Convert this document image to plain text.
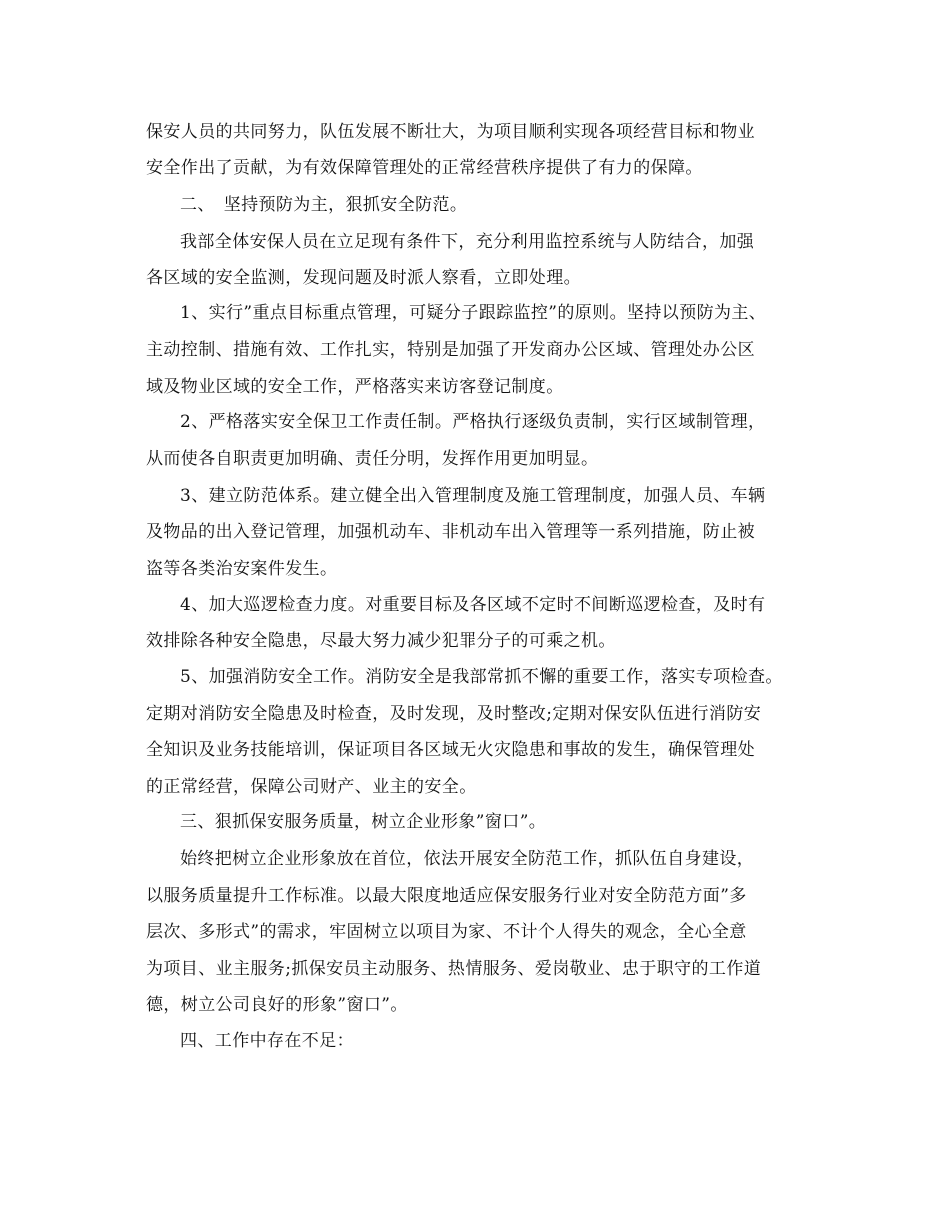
保安人员的共同努力，队伍发展不断壮大，为项目顺利实现各项经营目标和物业
安全作出了贡献，为有效保障管理处的正常经营秩序提供了有力的保障。
二、　坚持预防为主，狠抓安全防范。
我部全体安保人员在立足现有条件下，充分利用监控系统与人防结合，加强
各区域的安全监测，发现问题及时派人察看，立即处理。
1、实行”重点目标重点管理，可疑分子跟踪监控”的原则。坚持以预防为主、
主动控制、措施有效、工作扎实，特别是加强了开发商办公区域、管理处办公区
域及物业区域的安全工作，严格落实来访客登记制度。
2、严格落实安全保卫工作责任制。严格执行逐级负责制，实行区域制管理，
从而使各自职责更加明确、责任分明，发挥作用更加明显。
3、建立防范体系。建立健全出入管理制度及施工管理制度，加强人员、车辆
及物品的出入登记管理，加强机动车、非机动车出入管理等一系列措施，防止被
盗等各类治安案件发生。
4、加大巡逻检查力度。对重要目标及各区域不定时不间断巡逻检查，及时有
效排除各种安全隐患，尽最大努力减少犯罪分子的可乘之机。
5、加强消防安全工作。消防安全是我部常抓不懈的重要工作，落实专项检查。
定期对消防安全隐患及时检查，及时发现，及时整改;定期对保安队伍进行消防安
全知识及业务技能培训，保证项目各区域无火灾隐患和事故的发生，确保管理处
的正常经营，保障公司财产、业主的安全。
三、狠抓保安服务质量，树立企业形象”窗口”。
始终把树立企业形象放在首位，依法开展安全防范工作，抓队伍自身建设，
以服务质量提升工作标准。以最大限度地适应保安服务行业对安全防范方面”多
层次、多形式”的需求，牢固树立以项目为家、不计个人得失的观念，全心全意
为项目、业主服务;抓保安员主动服务、热情服务、爱岗敬业、忠于职守的工作道
德，树立公司良好的形象”窗口”。
四、工作中存在不足：
